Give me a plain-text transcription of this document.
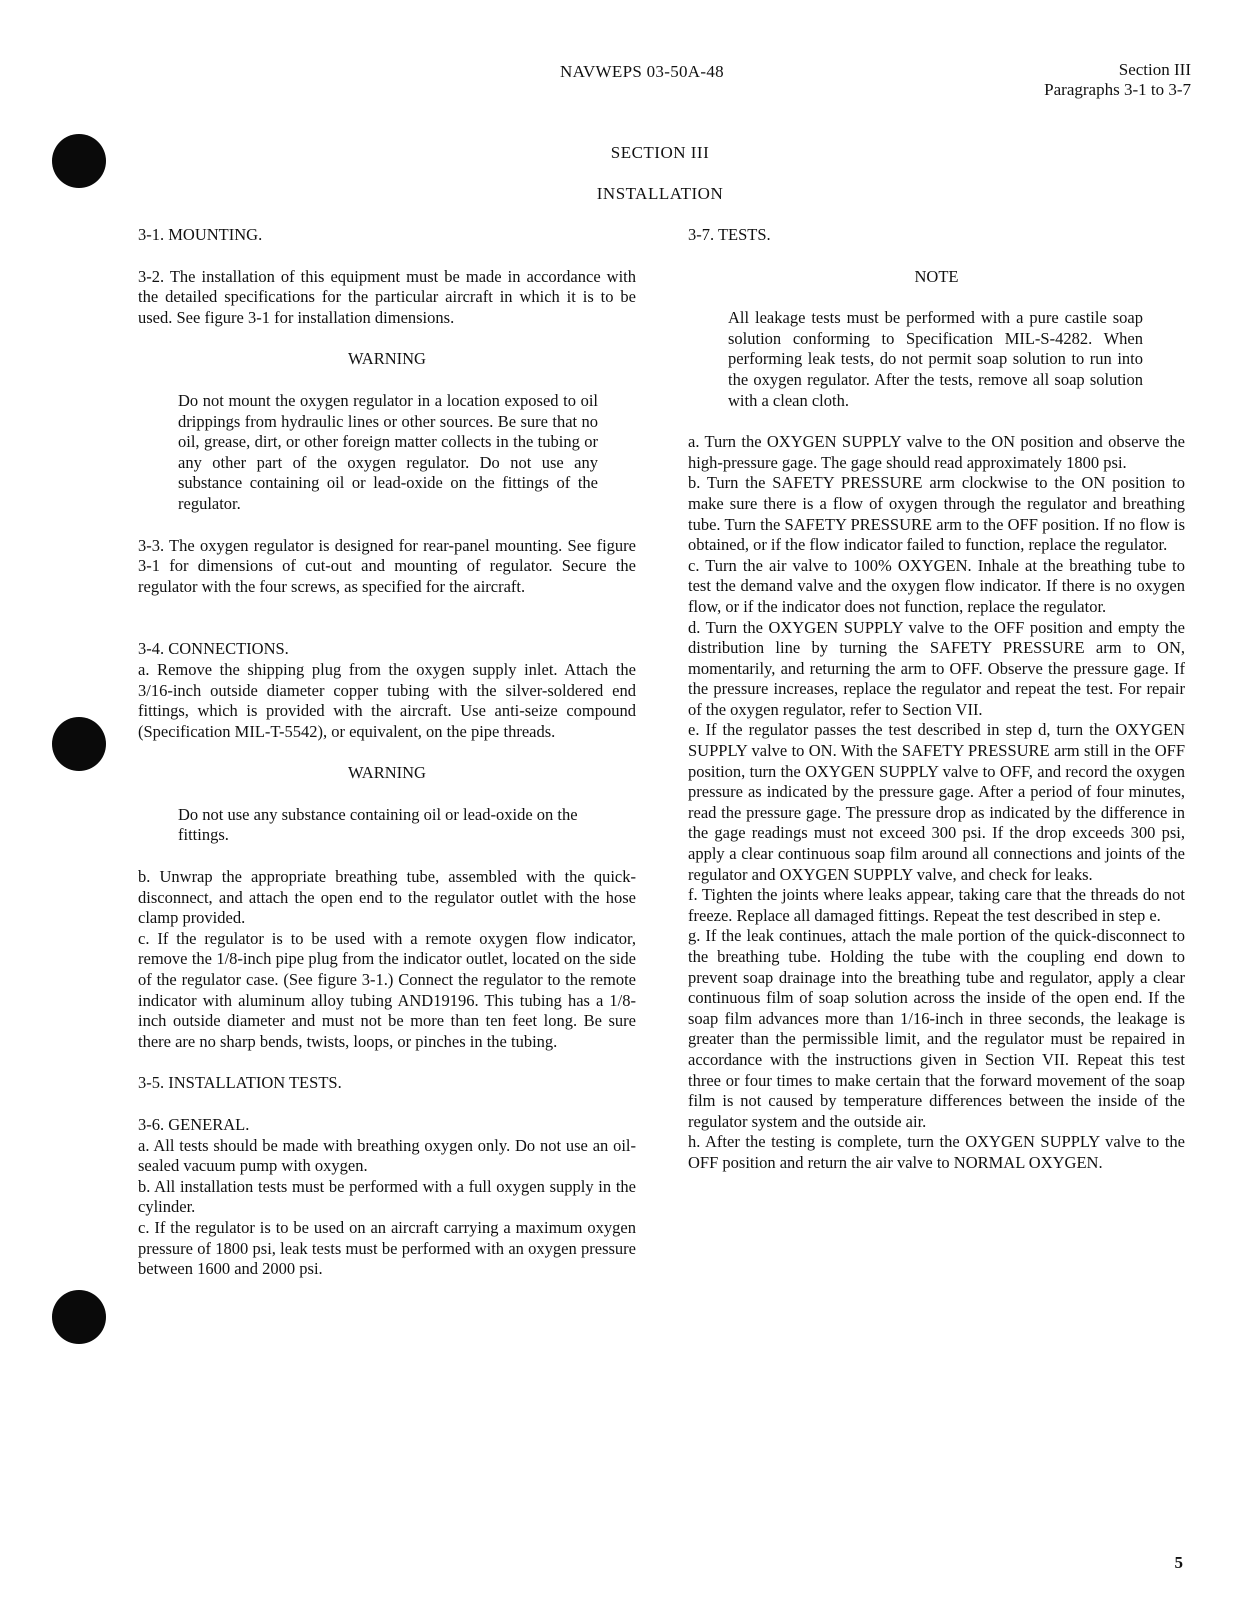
NAVWEPS 03-50A-48	Section III
Paragraphs 3-1 to 3-7
SECTION III
INSTALLATION

3-1. MOUNTING.

3-2. The installation of this equipment must be made in accordance with the detailed specifications for the particular aircraft in which it is to be used. See figure 3-1 for installation dimensions.

WARNING

Do not mount the oxygen regulator in a location exposed to oil drippings from hydraulic lines or other sources. Be sure that no oil, grease, dirt, or other foreign matter collects in the tubing or any other part of the oxygen regulator. Do not use any substance containing oil or lead-oxide on the fittings of the regulator.

3-3. The oxygen regulator is designed for rear-panel mounting. See figure 3-1 for dimensions of cut-out and mounting of regulator. Secure the regulator with the four screws, as specified for the aircraft.

3-4. CONNECTIONS.

a. Remove the shipping plug from the oxygen supply inlet. Attach the 3/16-inch outside diameter copper tubing with the silver-soldered end fittings, which is provided with the aircraft. Use anti-seize compound (Specification MIL-T-5542), or equivalent, on the pipe threads.

WARNING

Do not use any substance containing oil or lead-oxide on the fittings.

b. Unwrap the appropriate breathing tube, assembled with the quick-disconnect, and attach the open end to the regulator outlet with the hose clamp provided.

c. If the regulator is to be used with a remote oxygen flow indicator, remove the 1/8-inch pipe plug from the indicator outlet, located on the side of the regulator case. (See figure 3-1.) Connect the regulator to the remote indicator with aluminum alloy tubing AND19196. This tubing has a 1/8-inch outside diameter and must not be more than ten feet long. Be sure there are no sharp bends, twists, loops, or pinches in the tubing.

3-5. INSTALLATION TESTS.

3-6. GENERAL.

a. All tests should be made with breathing oxygen only. Do not use an oil-sealed vacuum pump with oxygen.

b. All installation tests must be performed with a full oxygen supply in the cylinder.

c. If the regulator is to be used on an aircraft carrying a maximum oxygen pressure of 1800 psi, leak tests must be performed with an oxygen pressure between 1600 and 2000 psi.

3-7. TESTS.

NOTE

All leakage tests must be performed with a pure castile soap solution conforming to Specification MIL-S-4282. When performing leak tests, do not permit soap solution to run into the oxygen regulator. After the tests, remove all soap solution with a clean cloth.

a. Turn the OXYGEN SUPPLY valve to the ON position and observe the high-pressure gage. The gage should read approximately 1800 psi.

b. Turn the SAFETY PRESSURE arm clockwise to the ON position to make sure there is a flow of oxygen through the regulator and breathing tube. Turn the SAFETY PRESSURE arm to the OFF position. If no flow is obtained, or if the flow indicator failed to function, replace the regulator.

c. Turn the air valve to 100% OXYGEN. Inhale at the breathing tube to test the demand valve and the oxygen flow indicator. If there is no oxygen flow, or if the indicator does not function, replace the regulator.

d. Turn the OXYGEN SUPPLY valve to the OFF position and empty the distribution line by turning the SAFETY PRESSURE arm to ON, momentarily, and returning the arm to OFF. Observe the pressure gage. If the pressure increases, replace the regulator and repeat the test. For repair of the oxygen regulator, refer to Section VII.

e. If the regulator passes the test described in step d, turn the OXYGEN SUPPLY valve to ON. With the SAFETY PRESSURE arm still in the OFF position, turn the OXYGEN SUPPLY valve to OFF, and record the oxygen pressure as indicated by the pressure gage. After a period of four minutes, read the pressure gage. The pressure drop as indicated by the difference in the gage readings must not exceed 300 psi. If the drop exceeds 300 psi, apply a clear continuous soap film around all connections and joints of the regulator and OXYGEN SUPPLY valve, and check for leaks.

f. Tighten the joints where leaks appear, taking care that the threads do not freeze. Replace all damaged fittings. Repeat the test described in step e.

g. If the leak continues, attach the male portion of the quick-disconnect to the breathing tube. Holding the tube with the coupling end down to prevent soap drainage into the breathing tube and regulator, apply a clear continuous film of soap solution across the inside of the open end. If the soap film advances more than 1/16-inch in three seconds, the leakage is greater than the permissible limit, and the regulator must be repaired in accordance with the instructions given in Section VII. Repeat this test three or four times to make certain that the forward movement of the soap film is not caused by temperature differences between the inside of the regulator system and the outside air.

h. After the testing is complete, turn the OXYGEN SUPPLY valve to the OFF position and return the air valve to NORMAL OXYGEN.

5
